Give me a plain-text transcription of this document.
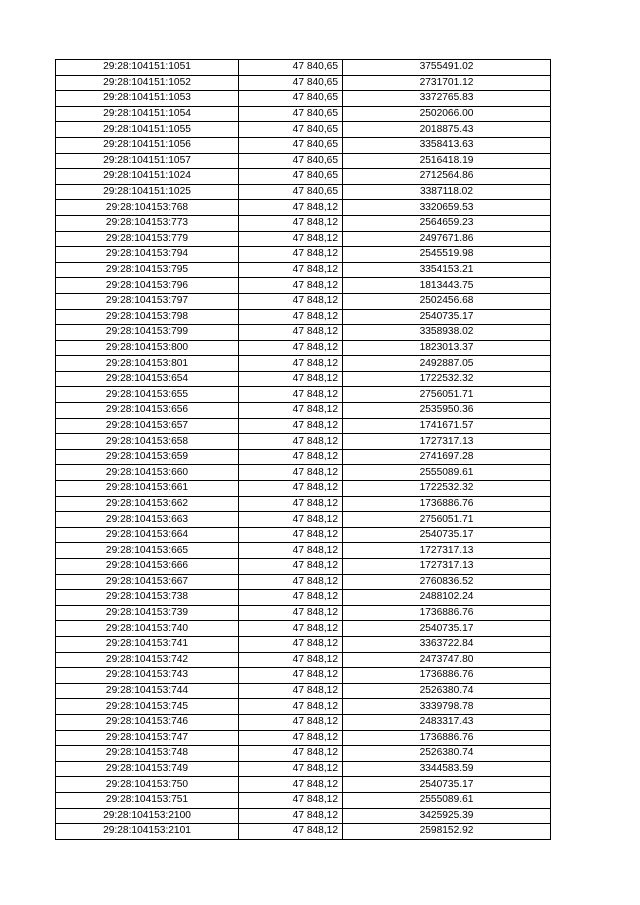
29:28:104151:1051	47 840,65	3755491.02
29:28:104151:1052	47 840,65	2731701.12
29:28:104151:1053	47 840,65	3372765.83
29:28:104151:1054	47 840,65	2502066.00
29:28:104151:1055	47 840,65	2018875.43
29:28:104151:1056	47 840,65	3358413.63
29:28:104151:1057	47 840,65	2516418.19
29:28:104151:1024	47 840,65	2712564.86
29:28:104151:1025	47 840,65	3387118.02
29:28:104153:768	47 848,12	3320659.53
29:28:104153:773	47 848,12	2564659.23
29:28:104153:779	47 848,12	2497671.86
29:28:104153:794	47 848,12	2545519.98
29:28:104153:795	47 848,12	3354153.21
29:28:104153:796	47 848,12	1813443.75
29:28:104153:797	47 848,12	2502456.68
29:28:104153:798	47 848,12	2540735.17
29:28:104153:799	47 848,12	3358938.02
29:28:104153:800	47 848,12	1823013.37
29:28:104153:801	47 848,12	2492887.05
29:28:104153:654	47 848,12	1722532.32
29:28:104153:655	47 848,12	2756051.71
29:28:104153:656	47 848,12	2535950.36
29:28:104153:657	47 848,12	1741671.57
29:28:104153:658	47 848,12	1727317.13
29:28:104153:659	47 848,12	2741697.28
29:28:104153:660	47 848,12	2555089.61
29:28:104153:661	47 848,12	1722532.32
29:28:104153:662	47 848,12	1736886.76
29:28:104153:663	47 848,12	2756051.71
29:28:104153:664	47 848,12	2540735.17
29:28:104153:665	47 848,12	1727317.13
29:28:104153:666	47 848,12	1727317.13
29:28:104153:667	47 848,12	2760836.52
29:28:104153:738	47 848,12	2488102.24
29:28:104153:739	47 848,12	1736886.76
29:28:104153:740	47 848,12	2540735.17
29:28:104153:741	47 848,12	3363722.84
29:28:104153:742	47 848,12	2473747.80
29:28:104153:743	47 848,12	1736886.76
29:28:104153:744	47 848,12	2526380.74
29:28:104153:745	47 848,12	3339798.78
29:28:104153:746	47 848,12	2483317.43
29:28:104153:747	47 848,12	1736886.76
29:28:104153:748	47 848,12	2526380.74
29:28:104153:749	47 848,12	3344583.59
29:28:104153:750	47 848,12	2540735.17
29:28:104153:751	47 848,12	2555089.61
29:28:104153:2100	47 848,12	3425925.39
29:28:104153:2101	47 848,12	2598152.92
